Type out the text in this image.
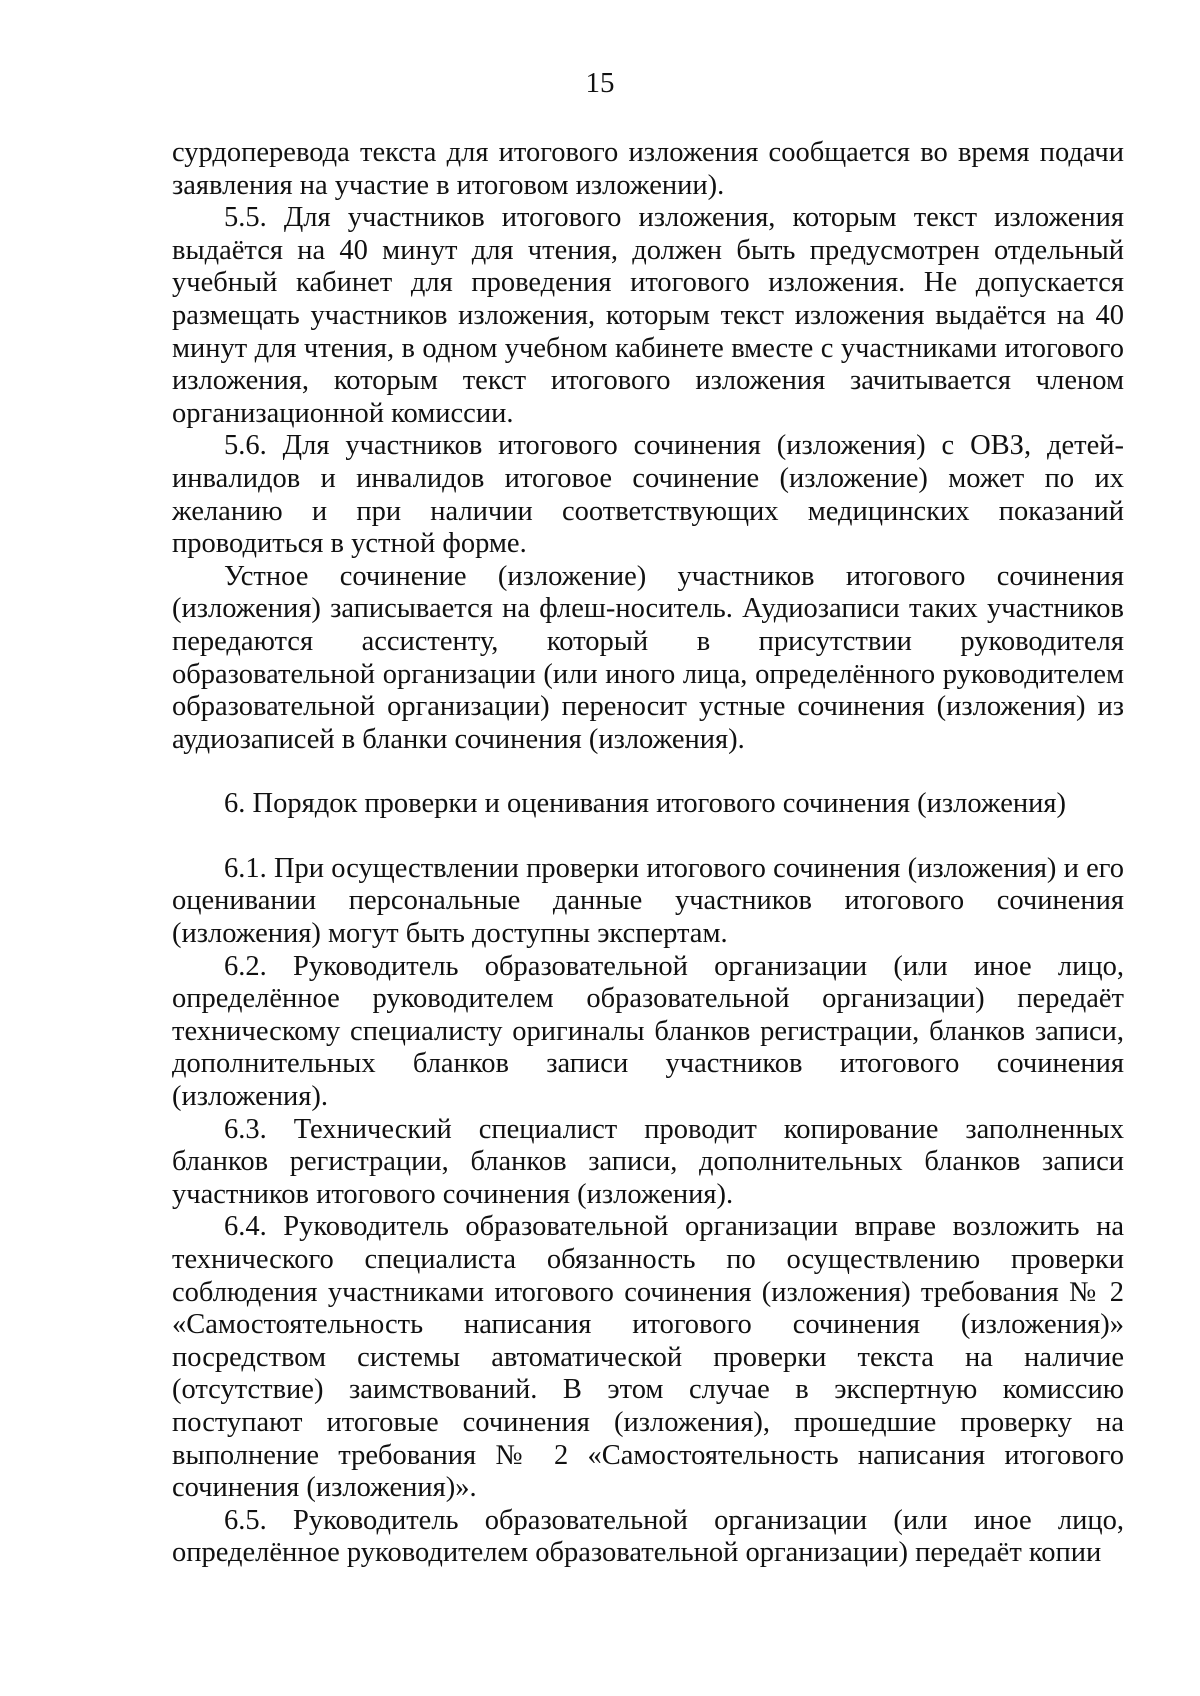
15

сурдоперевода текста для итогового изложения сообщается во время подачи заявления на участие в итоговом изложении).

5.5. Для участников итогового изложения, которым текст изложения выдаётся на 40 минут для чтения, должен быть предусмотрен отдельный учебный кабинет для проведения итогового изложения. Не допускается размещать участников изложения, которым текст изложения выдаётся на 40 минут для чтения, в одном учебном кабинете вместе с участниками итогового изложения, которым текст итогового изложения зачитывается членом организационной комиссии.

5.6. Для участников итогового сочинения (изложения) с ОВЗ, детей-инвалидов и инвалидов итоговое сочинение (изложение) может по их желанию и при наличии соответствующих медицинских показаний проводиться в устной форме.

Устное сочинение (изложение) участников итогового сочинения (изложения) записывается на флеш-носитель. Аудиозаписи таких участников передаются ассистенту, который в присутствии руководителя образовательной организации (или иного лица, определённого руководителем образовательной организации) переносит устные сочинения (изложения) из аудиозаписей в бланки сочинения (изложения).

6. Порядок проверки и оценивания итогового сочинения (изложения)

6.1. При осуществлении проверки итогового сочинения (изложения) и его оценивании персональные данные участников итогового сочинения (изложения) могут быть доступны экспертам.

6.2. Руководитель образовательной организации (или иное лицо, определённое руководителем образовательной организации) передаёт техническому специалисту оригиналы бланков регистрации, бланков записи, дополнительных бланков записи участников итогового сочинения (изложения).

6.3. Технический специалист проводит копирование заполненных бланков регистрации, бланков записи, дополнительных бланков записи участников итогового сочинения (изложения).

6.4. Руководитель образовательной организации вправе возложить на технического специалиста обязанность по осуществлению проверки соблюдения участниками итогового сочинения (изложения) требования № 2 «Самостоятельность написания итогового сочинения (изложения)» посредством системы автоматической проверки текста на наличие (отсутствие) заимствований. В этом случае в экспертную комиссию поступают итоговые сочинения (изложения), прошедшие проверку на выполнение требования № 2 «Самостоятельность написания итогового сочинения (изложения)».

6.5. Руководитель образовательной организации (или иное лицо, определённое руководителем образовательной организации) передаёт копии
